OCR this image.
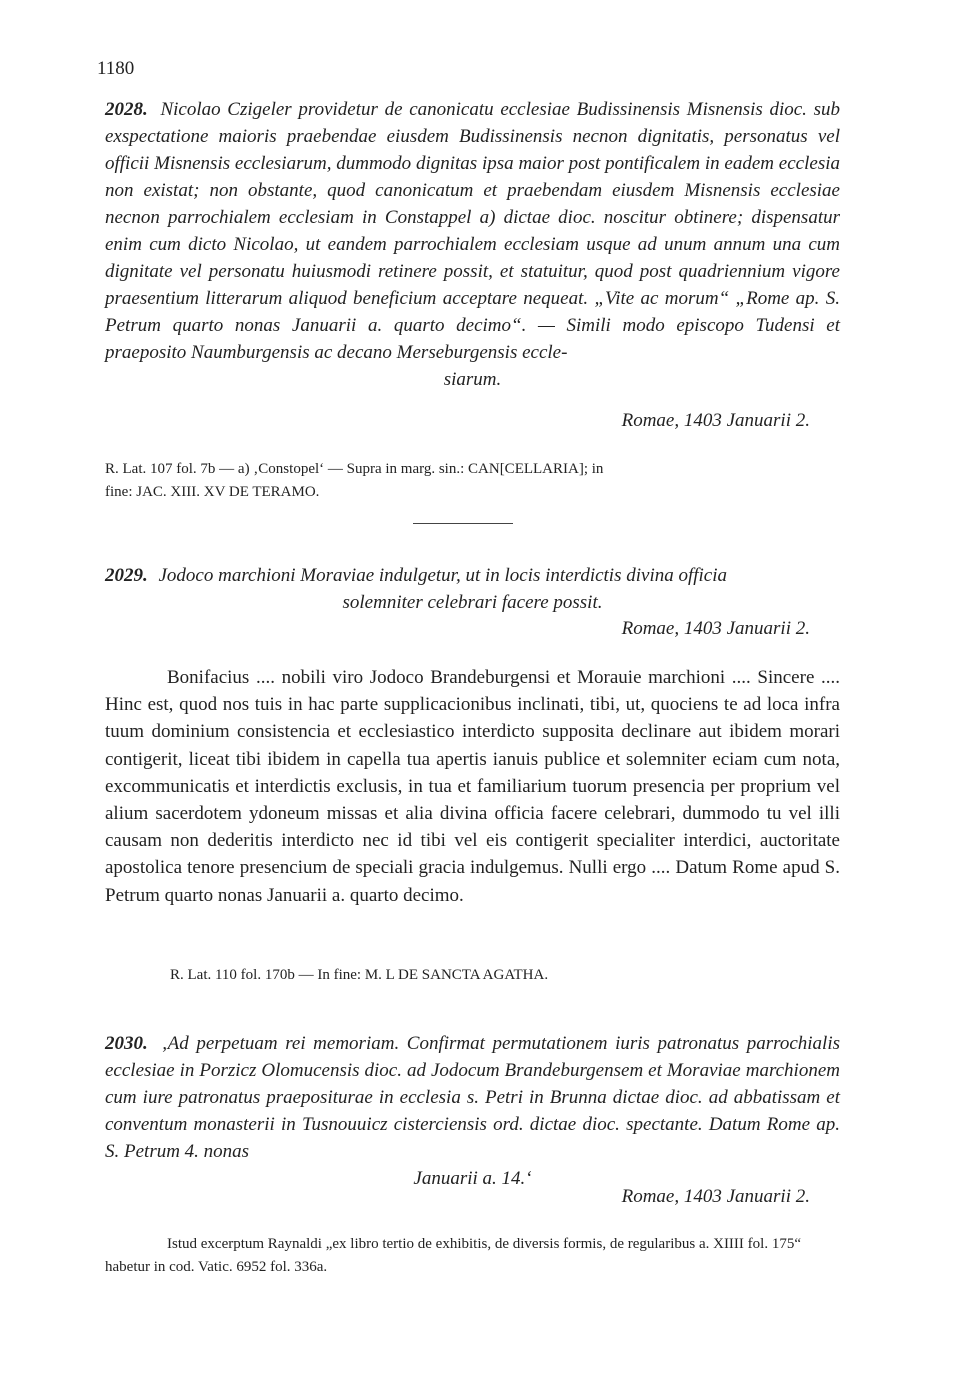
1180
2028. Nicolao Czigeler providetur de canonicatu ecclesiae Budissinensis Misnensis dioc. sub exspectatione maioris praebendae eiusdem Budissinensis necnon dignitatis, personatus vel officii Misnensis ecclesiarum, dummodo dignitas ipsa maior post pontificalem in eadem ecclesia non existat; non obstante, quod canonicatum et praebendam eiusdem Misnensis ecclesiae necnon parrochialem ecclesiam in Constappel a) dictae dioc. noscitur obtinere; dispensatur enim cum dicto Nicolao, ut eandem parrochialem ecclesiam usque ad unum annum una cum dignitate vel personatu huiusmodi retinere possit, et statuitur, quod post quadriennium vigore praesentium litterarum aliquod beneficium acceptare nequeat. „Vite ac morum“ „Rome ap. S. Petrum quarto nonas Januarii a. quarto decimo“. — Simili modo episcopo Tudensi et praeposito Naumburgensis ac decano Merseburgensis eccle-
siarum.
Romae, 1403 Januarii 2.
R. Lat. 107 fol. 7b — a) ‚Constopel‘ — Supra in marg. sin.: CAN[CELLARIA]; in
fine: JAC. XIII. XV DE TERAMO.
2029. Jodoco marchioni Moraviae indulgetur, ut in locis interdictis divina officia
solemniter celebrari facere possit.
Romae, 1403 Januarii 2.
Bonifacius .... nobili viro Jodoco Brandeburgensi et Morauie marchioni .... Sincere .... Hinc est, quod nos tuis in hac parte supplicacionibus inclinati, tibi, ut, quociens te ad loca infra tuum dominium consistencia et ecclesiastico interdicto supposita declinare aut ibidem morari contigerit, liceat tibi ibidem in capella tua apertis ianuis publice et solemniter eciam cum nota, excommunicatis et interdictis exclusis, in tua et familiarium tuorum presencia per proprium vel alium sacerdotem ydoneum missas et alia divina officia facere celebrari, dummodo tu vel illi causam non dederitis interdicto nec id tibi vel eis contigerit specialiter interdici, auctoritate apostolica tenore presencium de speciali gracia indulgemus. Nulli ergo .... Datum Rome apud S. Petrum quarto nonas Januarii a. quarto decimo.
R. Lat. 110 fol. 170b — In fine: M. L DE SANCTA AGATHA.
2030. ‚Ad perpetuam rei memoriam. Confirmat permutationem iuris patronatus parrochialis ecclesiae in Porzicz Olomucensis dioc. ad Jodocum Brandeburgensem et Moraviae marchionem cum iure patronatus praepositurae in ecclesia s. Petri in Brunna dictae dioc. ad abbatissam et conventum monasterii in Tusnouuicz cisterciensis ord. dictae dioc. spectante. Datum Rome ap. S. Petrum 4. nonas
Januarii a. 14.‘
Romae, 1403 Januarii 2.
Istud excerptum Raynaldi „ex libro tertio de exhibitis, de diversis formis, de regularibus a. XIIII fol. 175“ habetur in cod. Vatic. 6952 fol. 336a.
